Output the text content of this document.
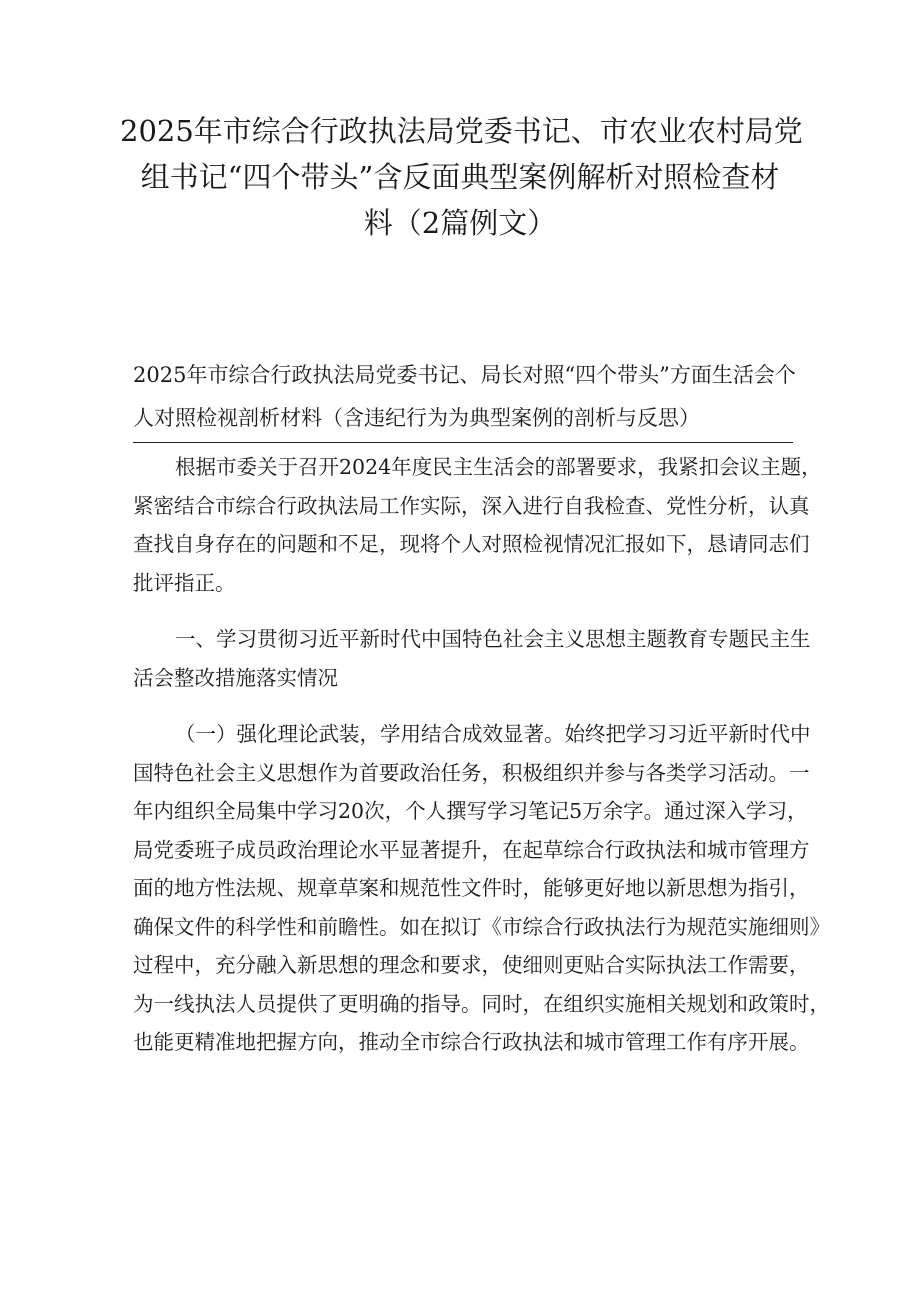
2025年市综合行政执法局党委书记、市农业农村局党
组书记“四个带头”含反面典型案例解析对照检查材
料（2篇例文）
2025年市综合行政执法局党委书记、局长对照“四个带头”方面生活会个
人对照检视剖析材料（含违纪行为为典型案例的剖析与反思）

根据市委关于召开2024年度民主生活会的部署要求，我紧扣会议主题，
紧密结合市综合行政执法局工作实际，深入进行自我检查、党性分析，认真
查找自身存在的问题和不足，现将个人对照检视情况汇报如下，恳请同志们
批评指正。

一、学习贯彻习近平新时代中国特色社会主义思想主题教育专题民主生
活会整改措施落实情况

（一）强化理论武装，学用结合成效显著。始终把学习习近平新时代中
国特色社会主义思想作为首要政治任务，积极组织并参与各类学习活动。一
年内组织全局集中学习20次，个人撰写学习笔记5万余字。通过深入学习，
局党委班子成员政治理论水平显著提升，在起草综合行政执法和城市管理方
面的地方性法规、规章草案和规范性文件时，能够更好地以新思想为指引，
确保文件的科学性和前瞻性。如在拟订《市综合行政执法行为规范实施细则》
过程中，充分融入新思想的理念和要求，使细则更贴合实际执法工作需要，
为一线执法人员提供了更明确的指导。同时，在组织实施相关规划和政策时，
也能更精准地把握方向，推动全市综合行政执法和城市管理工作有序开展。
